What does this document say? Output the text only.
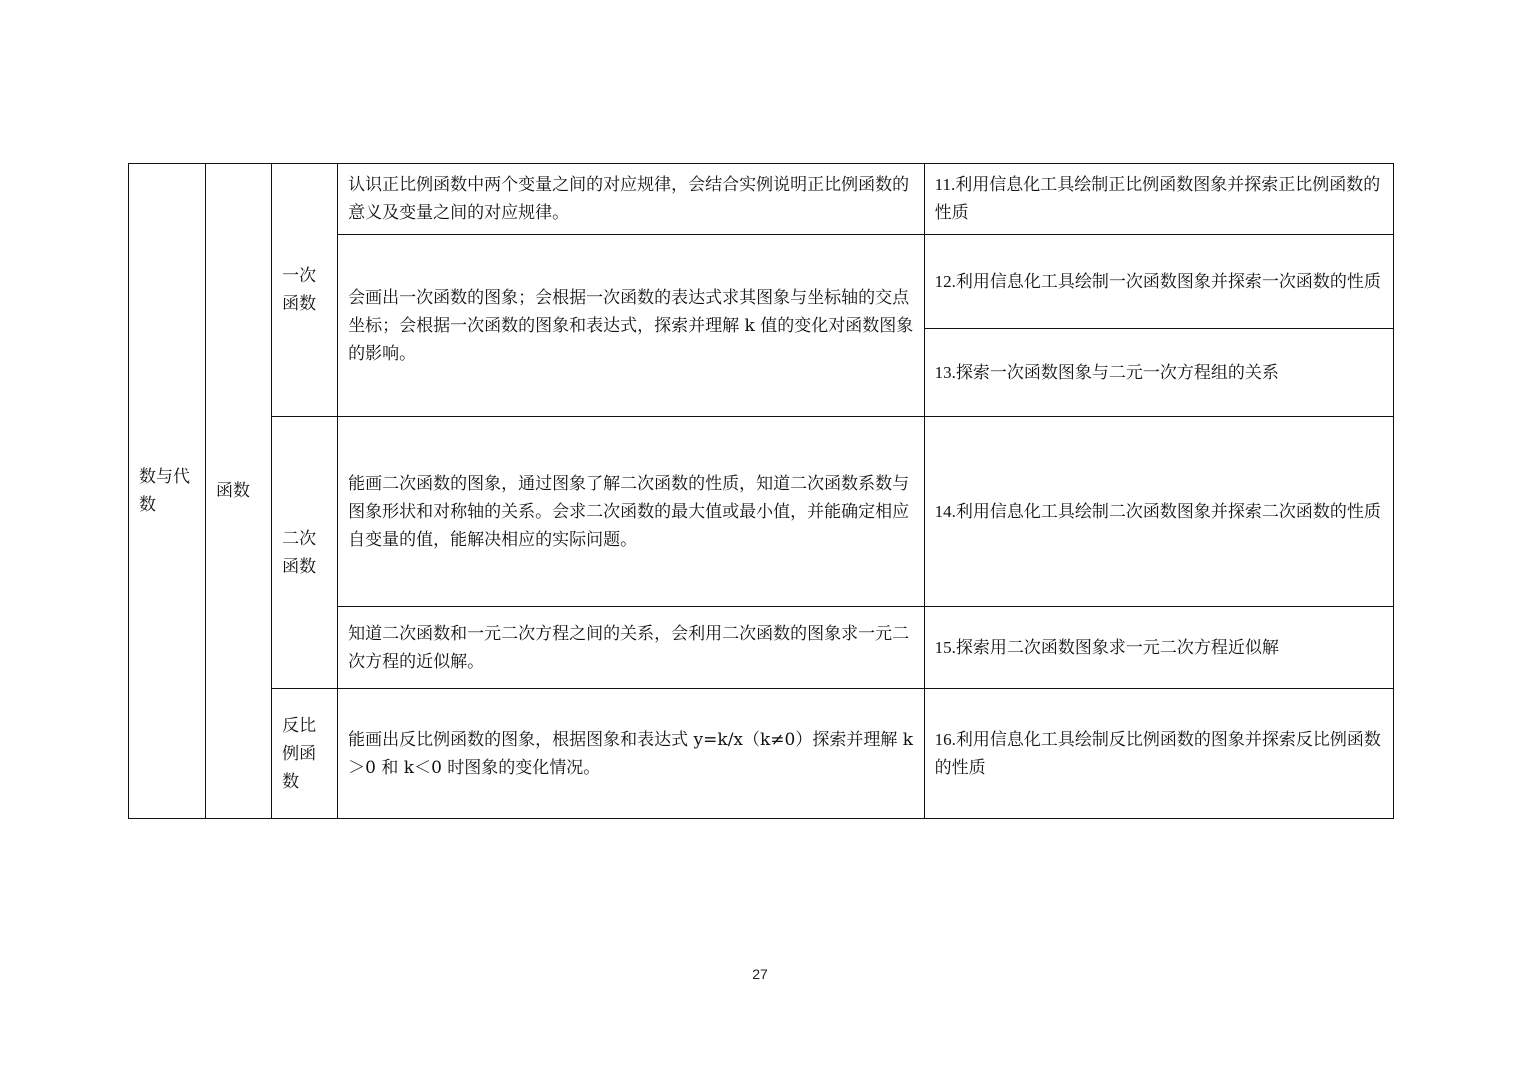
数与代数	函数	一次函数	认识正比例函数中两个变量之间的对应规律，会结合实例说明正比例函数的意义及变量之间的对应规律。	11.利用信息化工具绘制正比例函数图象并探索正比例函数的性质
			会画出一次函数的图象；会根据一次函数的表达式求其图象与坐标轴的交点坐标；会根据一次函数的图象和表达式，探索并理解 k 值的变化对函数图象的影响。	12.利用信息化工具绘制一次函数图象并探索一次函数的性质
				13.探索一次函数图象与二元一次方程组的关系
		二次函数	能画二次函数的图象，通过图象了解二次函数的性质，知道二次函数系数与图象形状和对称轴的关系。会求二次函数的最大值或最小值，并能确定相应自变量的值，能解决相应的实际问题。	14.利用信息化工具绘制二次函数图象并探索二次函数的性质
			知道二次函数和一元二次方程之间的关系，会利用二次函数的图象求一元二次方程的近似解。	15.探索用二次函数图象求一元二次方程近似解
		反比例函数	能画出反比例函数的图象，根据图象和表达式 y=k/x（k≠0）探索并理解 k＞0 和 k＜0 时图象的变化情况。	16.利用信息化工具绘制反比例函数的图象并探索反比例函数的性质
27
